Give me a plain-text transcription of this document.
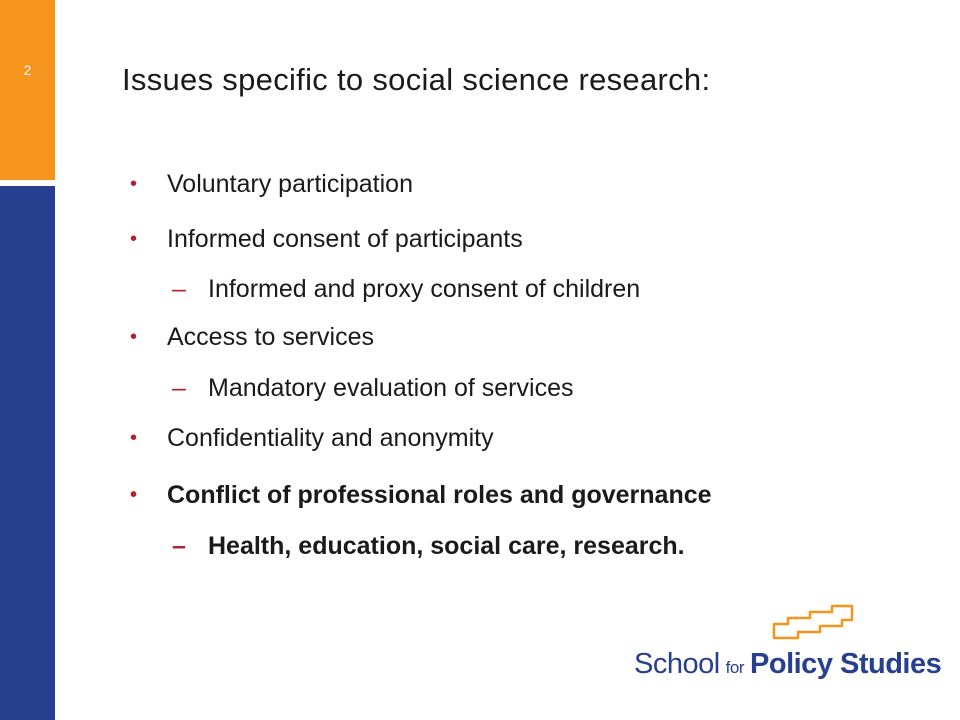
2	Issues specific to social science research:
• Voluntary participation
• Informed consent of participants
– Informed and proxy consent of children
• Access to services
– Mandatory evaluation of services
• Confidentiality and anonymity
• Conflict of professional roles and governance
– Health, education, social care, research.
School for Policy Studies
